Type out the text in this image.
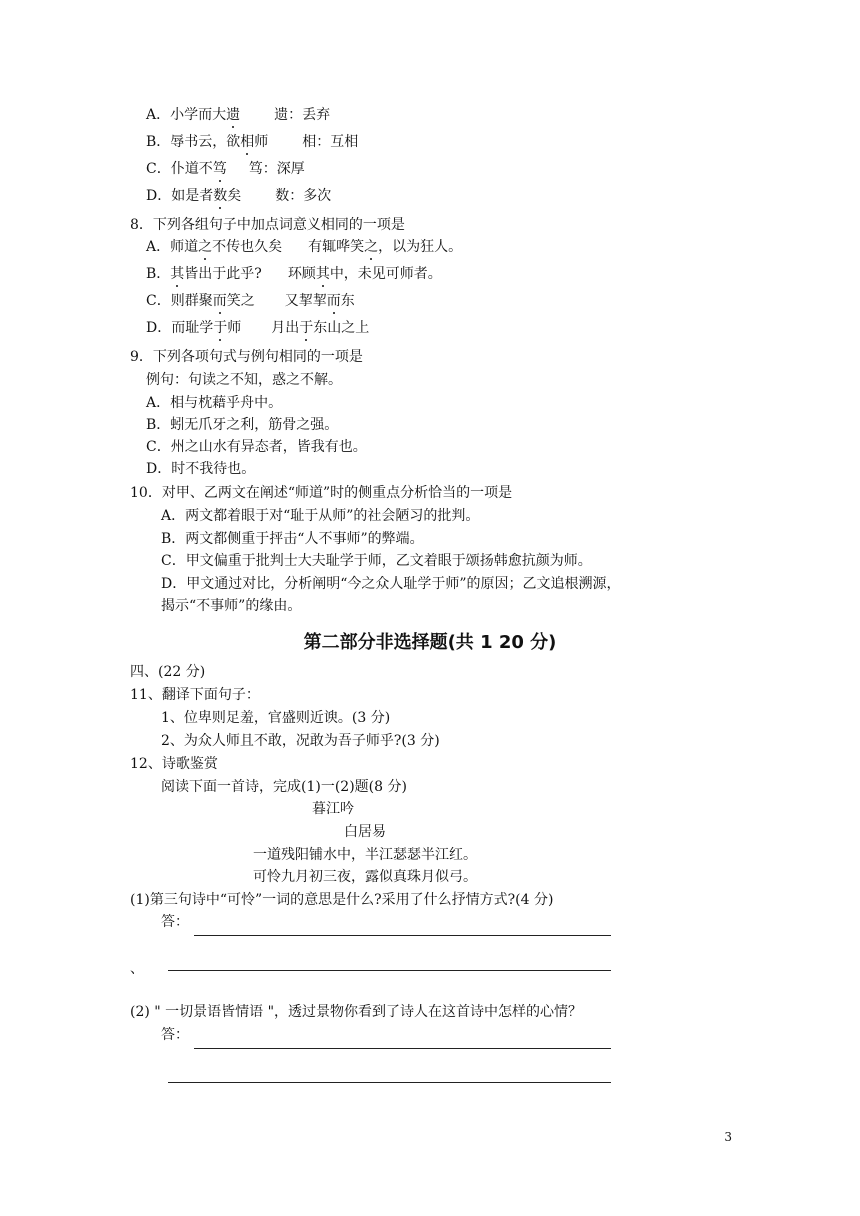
A．小学而大遗 遗：丢弃
B．辱书云，欲相师 相：互相
C．仆道不笃 笃：深厚
D．如是者数矣 数：多次
8．下列各组句子中加点词意义相同的一项是
A．师道之不传也久矣 有辄哗笑之，以为狂人。
B．其皆出于此乎? 环顾其中，未见可师者。
C．则群聚而笑之 又挈挈而东
D．而耻学于师 月出于东山之上
9．下列各项句式与例句相同的一项是
例句：句读之不知，惑之不解。
A．相与枕藉乎舟中。
B．蚓无爪牙之利，筋骨之强。
C．州之山水有异态者，皆我有也。
D．时不我待也。
10．对甲、乙两文在阐述“师道”时的侧重点分析恰当的一项是
A．两文都着眼于对“耻于从师”的社会陋习的批判。
B．两文都侧重于抨击“人不事师”的弊端。
C．甲文偏重于批判士大夫耻学于师，乙文着眼于颂扬韩愈抗颜为师。
D．甲文通过对比，分析阐明“今之众人耻学于师”的原因；乙文追根溯源，
揭示“不事师”的缘由。
第二部分非选择题(共 1 20 分)
四、(22 分)
11、翻译下面句子：
1、位卑则足羞，官盛则近谀。(3 分)
2、为众人师且不敢，况敢为吾子师乎?(3 分)
12、诗歌鉴赏
阅读下面一首诗，完成(1)一(2)题(8 分)
暮江吟
白居易
一道残阳铺水中，半江瑟瑟半江红。
可怜九月初三夜，露似真珠月似弓。
(1)第三句诗中“可怜”一词的意思是什么?采用了什么抒情方式?(4 分)
答：
、
(2) " 一切景语皆情语 "，透过景物你看到了诗人在这首诗中怎样的心情？
答：
3
